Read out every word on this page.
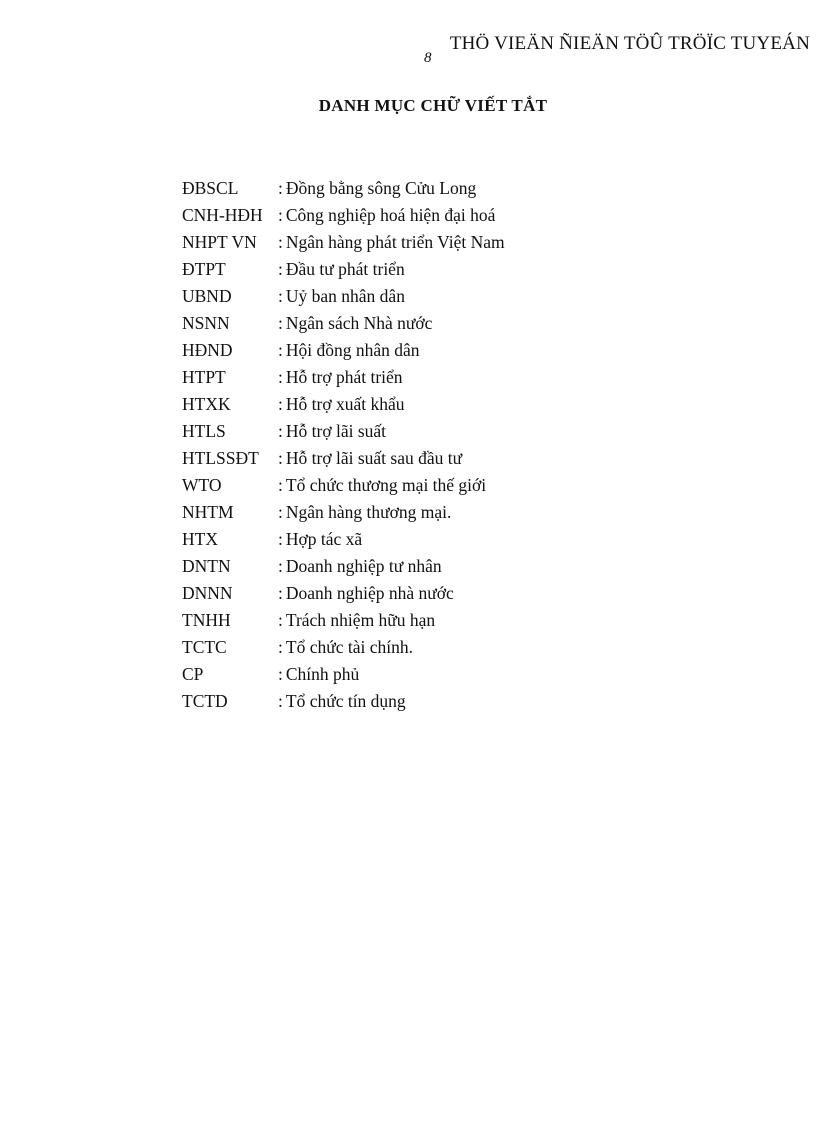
THÖ VIEÄN ÑIEÄN TÖÛ TRÖÏC TUYEÁN
8
DANH MỤC CHỮ VIẾT TẮT
ĐBSCL : Đồng bằng sông Cửu Long
CNH-HĐH : Công nghiệp hoá hiện đại hoá
NHPT VN : Ngân hàng phát triển Việt Nam
ĐTPT	: Đầu tư phát triển
UBND	: Uỷ ban nhân dân
NSNN	: Ngân sách Nhà nước
HĐND	: Hội đồng nhân dân
HTPT	: Hỗ trợ phát triển
HTXK	: Hỗ trợ xuất khẩu
HTLS	: Hỗ trợ lãi suất
HTLSSĐT : Hỗ trợ lãi suất sau đầu tư
WTO	: Tổ chức thương mại thế giới
NHTM	: Ngân hàng thương mại.
HTX	: Hợp tác xã
DNTN	: Doanh nghiệp tư nhân
DNNN	: Doanh nghiệp nhà nước
TNHH	: Trách nhiệm hữu hạn
TCTC	: Tổ chức tài chính.
CP	: Chính phủ
TCTD	: Tổ chức tín dụng
